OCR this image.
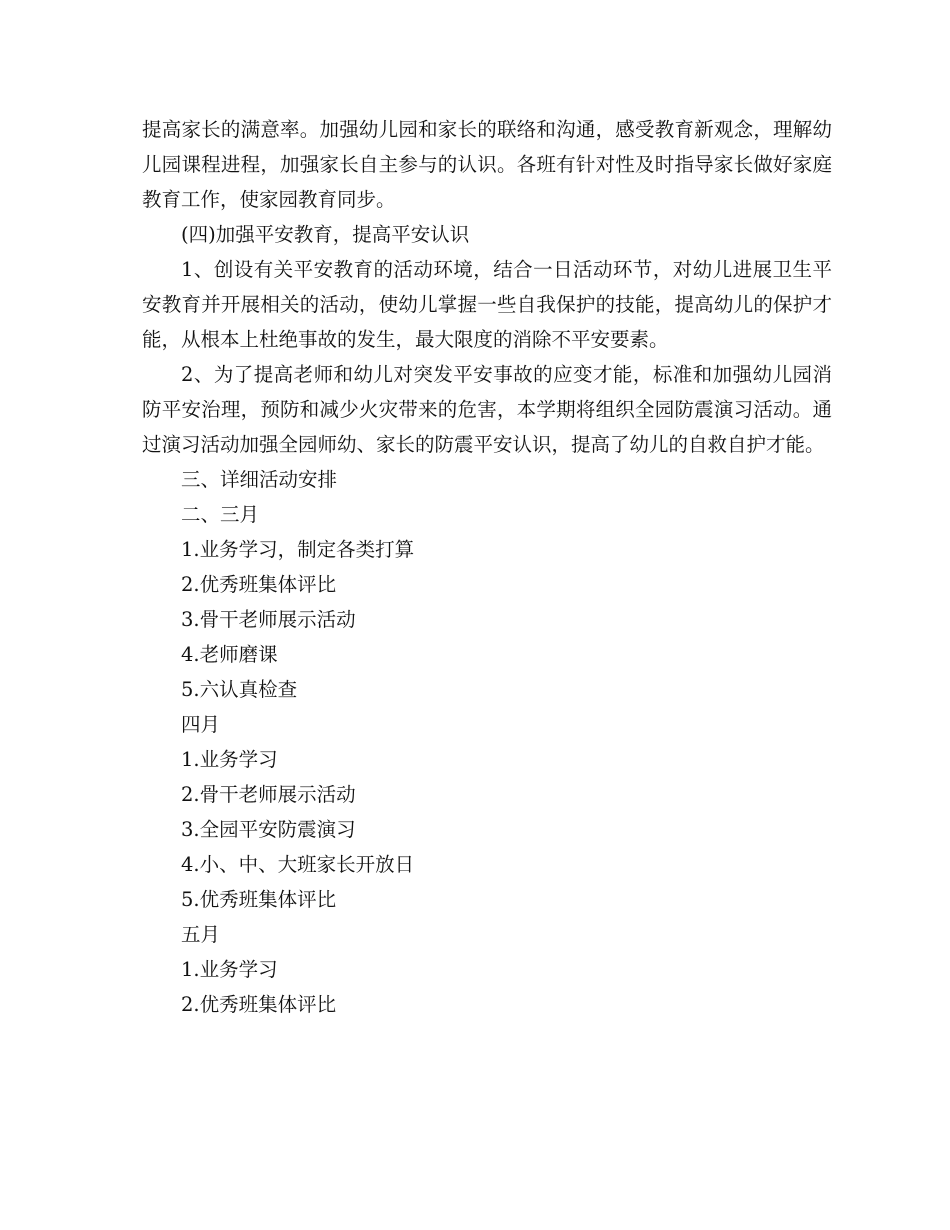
提高家长的满意率。加强幼儿园和家长的联络和沟通，感受教育新观念，理解幼儿园课程进程，加强家长自主参与的认识。各班有针对性及时指导家长做好家庭教育工作，使家园教育同步。

(四)加强平安教育，提高平安认识

1、创设有关平安教育的活动环境，结合一日活动环节，对幼儿进展卫生平安教育并开展相关的活动，使幼儿掌握一些自我保护的技能，提高幼儿的保护才能，从根本上杜绝事故的发生，最大限度的消除不平安要素。

2、为了提高老师和幼儿对突发平安事故的应变才能，标准和加强幼儿园消防平安治理，预防和减少火灾带来的危害，本学期将组织全园防震演习活动。通过演习活动加强全园师幼、家长的防震平安认识，提高了幼儿的自救自护才能。

三、详细活动安排
二、三月
1.业务学习，制定各类打算
2.优秀班集体评比
3.骨干老师展示活动
4.老师磨课
5.六认真检查
四月
1.业务学习
2.骨干老师展示活动
3.全园平安防震演习
4.小、中、大班家长开放日
5.优秀班集体评比
五月
1.业务学习
2.优秀班集体评比
